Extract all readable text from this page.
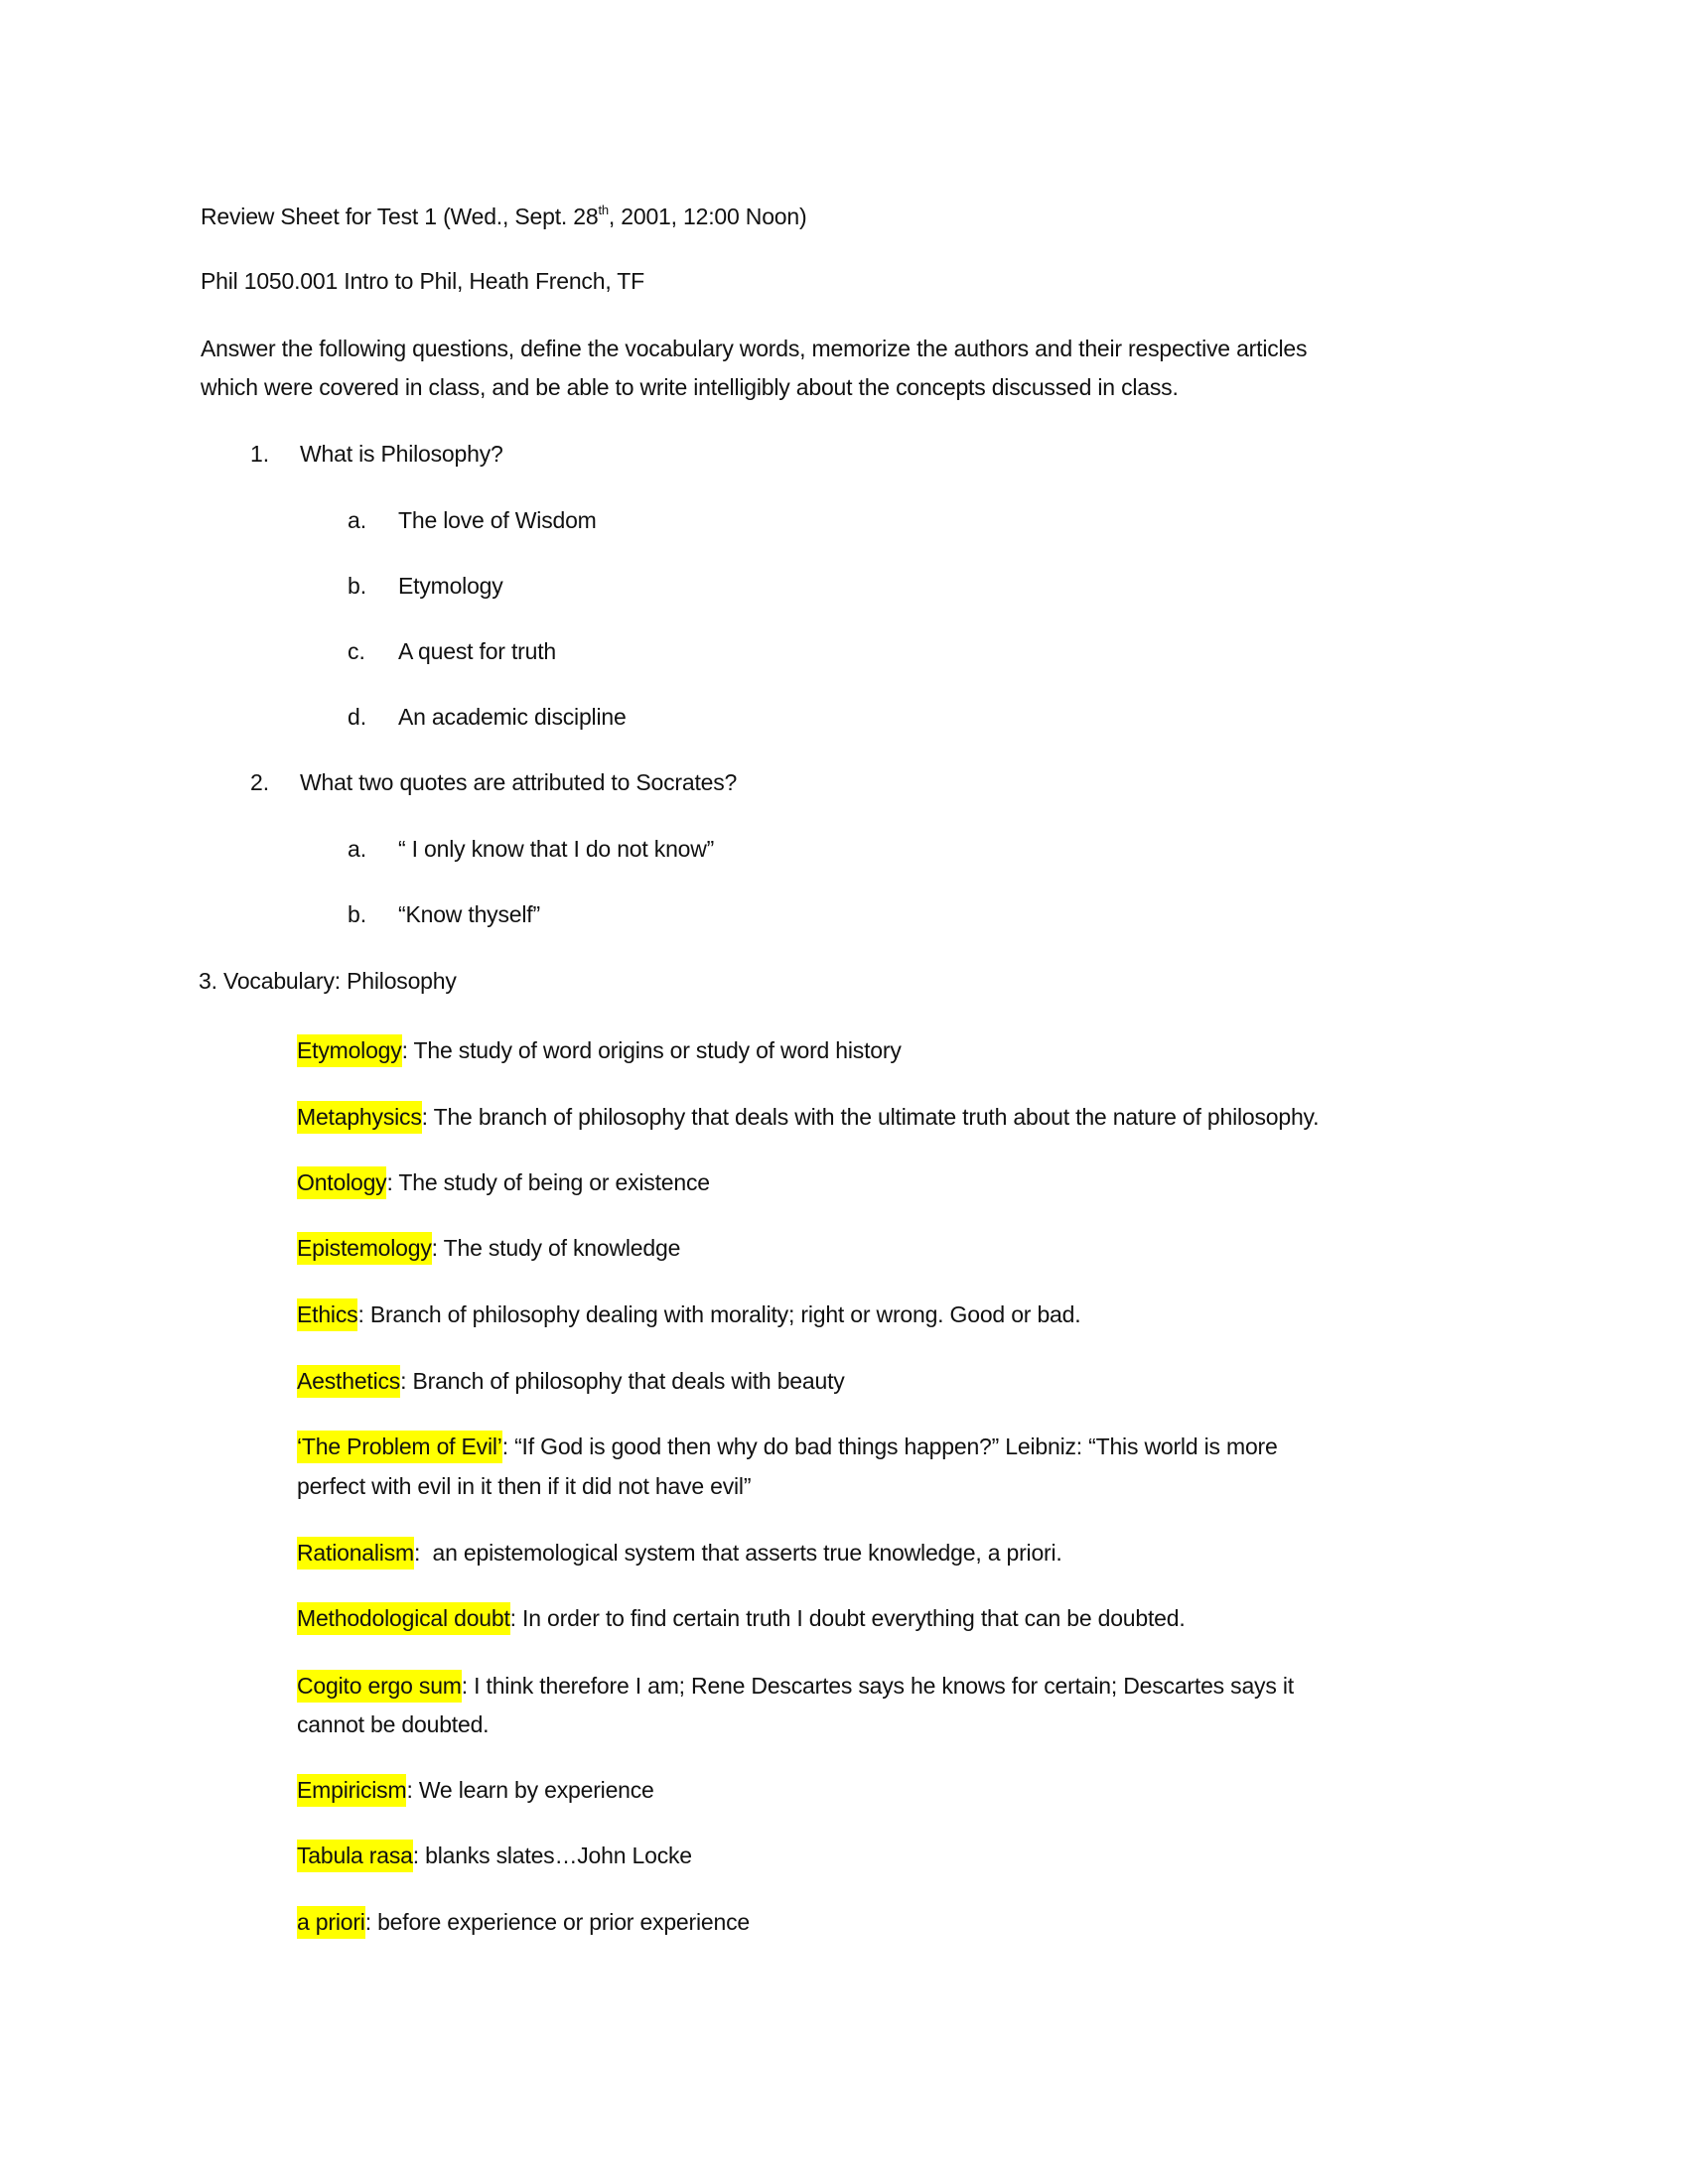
Review Sheet for Test 1 (Wed., Sept. 28th, 2001, 12:00 Noon)
Phil 1050.001 Intro to Phil, Heath French, TF
Answer the following questions, define the vocabulary words, memorize the authors and their respective articles
which were covered in class, and be able to write intelligibly about the concepts discussed in class.
1. What is Philosophy?
a. The love of Wisdom
b. Etymology
c. A quest for truth
d. An academic discipline
2. What two quotes are attributed to Socrates?
a. “ I only know that I do not know”
b. “Know thyself”
3. Vocabulary: Philosophy
Etymology: The study of word origins or study of word history
Metaphysics: The branch of philosophy that deals with the ultimate truth about the nature of philosophy.
Ontology: The study of being or existence
Epistemology: The study of knowledge
Ethics: Branch of philosophy dealing with morality; right or wrong. Good or bad.
Aesthetics: Branch of philosophy that deals with beauty
‘The Problem of Evil’: “If God is good then why do bad things happen?” Leibniz: “This world is more
perfect with evil in it then if it did not have evil”
Rationalism:  an epistemological system that asserts true knowledge, a priori.
Methodological doubt: In order to find certain truth I doubt everything that can be doubted.
Cogito ergo sum: I think therefore I am; Rene Descartes says he knows for certain; Descartes says it
cannot be doubted.
Empiricism: We learn by experience
Tabula rasa: blanks slates…John Locke
a priori: before experience or prior experience
